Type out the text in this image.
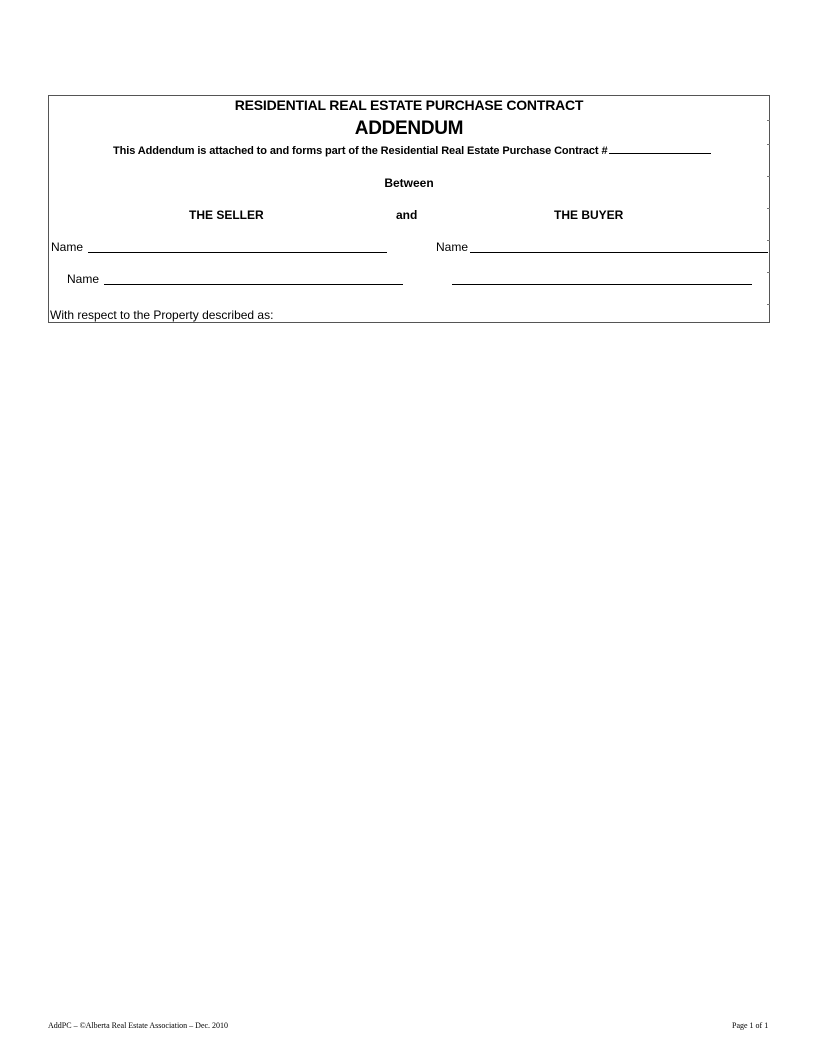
RESIDENTIAL REAL ESTATE PURCHASE CONTRACT
ADDENDUM
This Addendum is attached to and forms part of the Residential Real Estate Purchase Contract #
Between
THE SELLER	and	THE BUYER
Name	Name
Name
With respect to the Property described as:
AddPC – ©Alberta Real Estate Association – Dec. 2010	Page 1 of 1
